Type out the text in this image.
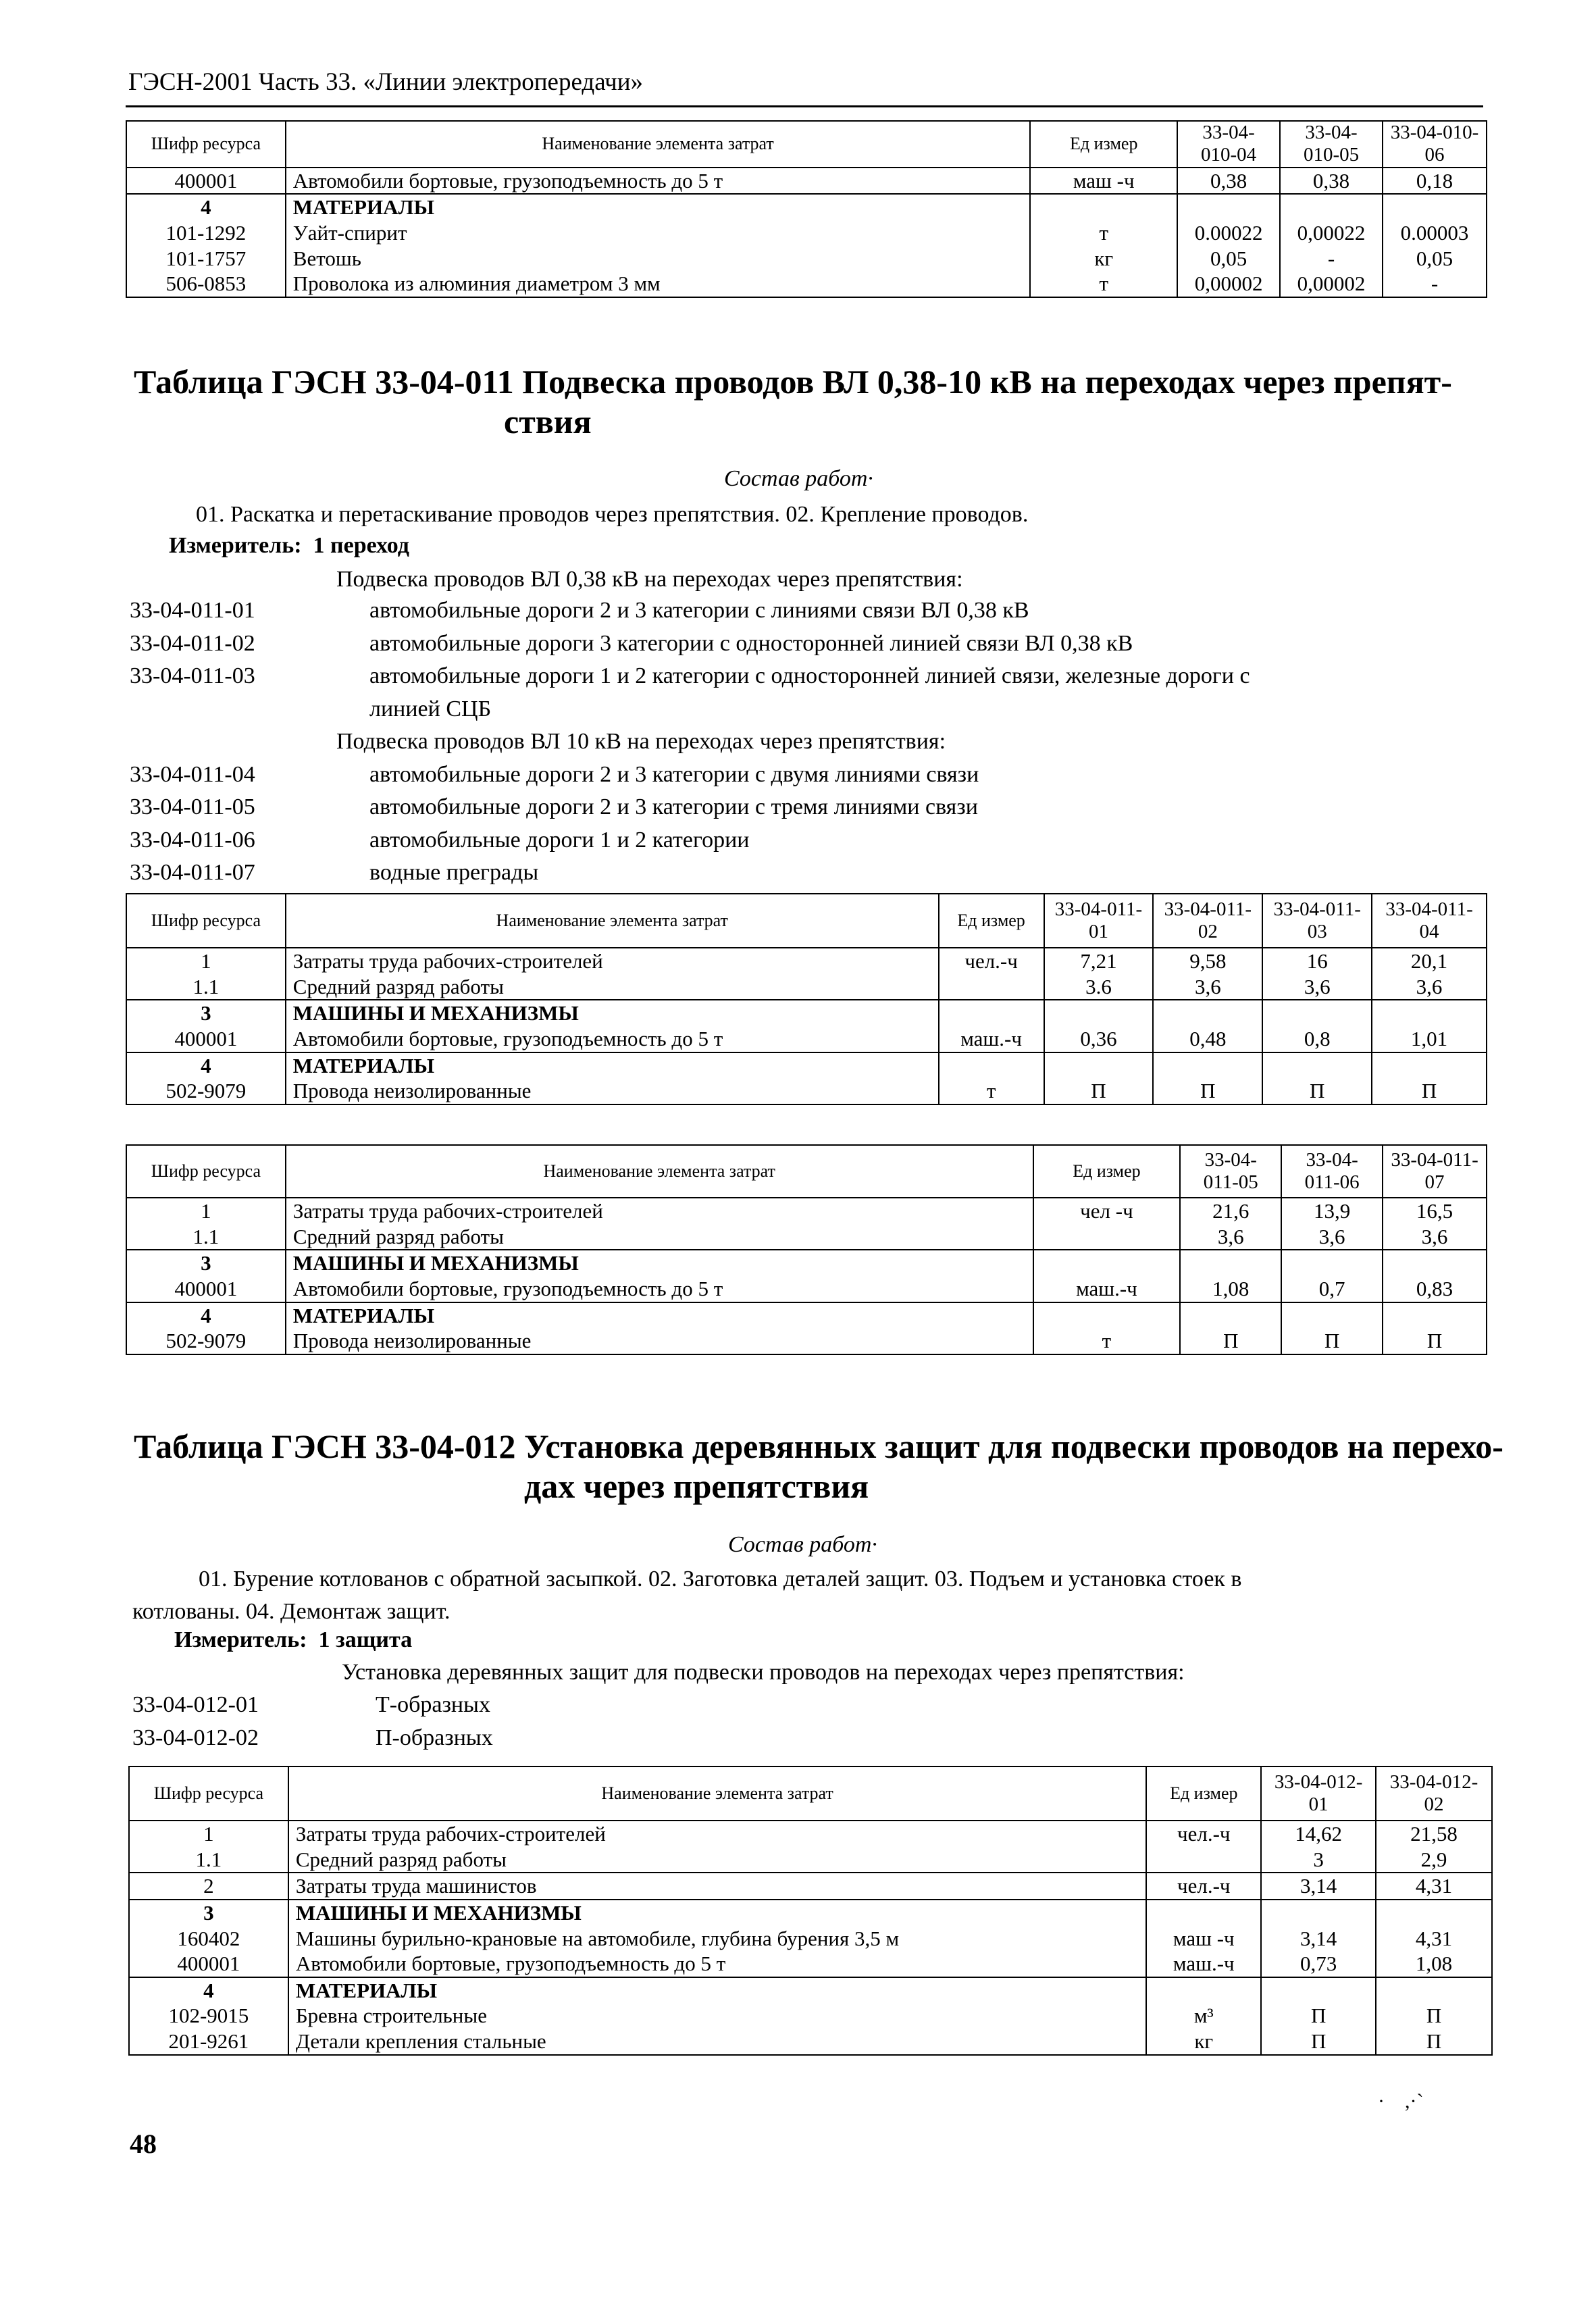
ГЭСН-2001 Часть 33. «Линии электропередачи»
Шифр ресурса	Наименование элемента затрат	Ед измер	33-04-010-04	33-04-010-05	33-04-010-06
400001	Автомобили бортовые, грузоподъемность до 5 т	маш -ч	0,38	0,38	0,18
4	МАТЕРИАЛЫ				
101-1292	Уайт-спирит	т	0.00022	0,00022	0.00003
101-1757	Ветошь	кг	0,05	-	0,05
506-0853	Проволока из алюминия диаметром 3 мм	т	0,00002	0,00002	-
Таблица ГЭСН 33-04-011 Подвеска проводов ВЛ 0,38-10 кВ на переходах через препят-
ствия
Состав работ·
01. Раскатка и перетаскивание проводов через препятствия. 02. Крепление проводов.
Измеритель: 1 переход
Подвеска проводов ВЛ 0,38 кВ на переходах через препятствия:
33-04-011-01	автомобильные дороги 2 и 3 категории с линиями связи ВЛ 0,38 кВ
33-04-011-02	автомобильные дороги 3 категории с односторонней линией связи ВЛ 0,38 кВ
33-04-011-03	автомобильные дороги 1 и 2 категории с односторонней линией связи, железные дороги с
линией СЦБ
Подвеска проводов ВЛ 10 кВ на переходах через препятствия:
33-04-011-04	автомобильные дороги 2 и 3 категории с двумя линиями связи
33-04-011-05	автомобильные дороги 2 и 3 категории с тремя линиями связи
33-04-011-06	автомобильные дороги 1 и 2 категории
33-04-011-07	водные преграды
Шифр ресурса	Наименование элемента затрат	Ед измер	33-04-011-01	33-04-011-02	33-04-011-03	33-04-011-04
1	Затраты труда рабочих-строителей	чел.-ч	7,21	9,58	16	20,1
1.1	Средний разряд работы		3.6	3,6	3,6	3,6
3	МАШИНЫ И МЕХАНИЗМЫ					
400001	Автомобили бортовые, грузоподъемность до 5 т	маш.-ч	0,36	0,48	0,8	1,01
4	МАТЕРИАЛЫ					
502-9079	Провода неизолированные	т	П	П	П	П
Шифр ресурса	Наименование элемента затрат	Ед измер	33-04-011-05	33-04-011-06	33-04-011-07
1	Затраты труда рабочих-строителей	чел -ч	21,6	13,9	16,5
1.1	Средний разряд работы		3,6	3,6	3,6
3	МАШИНЫ И МЕХАНИЗМЫ				
400001	Автомобили бортовые, грузоподъемность до 5 т	маш.-ч	1,08	0,7	0,83
4	МАТЕРИАЛЫ				
502-9079	Провода неизолированные	т	П	П	П
Таблица ГЭСН 33-04-012 Установка деревянных защит для подвески проводов на перехо-
дах через препятствия
Состав работ·
01. Бурение котлованов с обратной засыпкой. 02. Заготовка деталей защит. 03. Подъем и установка стоек в
котлованы. 04. Демонтаж защит.
Измеритель: 1 защита
Установка деревянных защит для подвески проводов на переходах через препятствия:
33-04-012-01	Т-образных
33-04-012-02	П-образных
Шифр ресурса	Наименование элемента затрат	Ед измер	33-04-012-01	33-04-012-02
1	Затраты труда рабочих-строителей	чел.-ч	14,62	21,58
1.1	Средний разряд работы		3	2,9
2	Затраты труда машинистов	чел.-ч	3,14	4,31
3	МАШИНЫ И МЕХАНИЗМЫ			
160402	Машины бурильно-крановые на автомобиле, глубина бурения 3,5 м	маш -ч	3,14	4,31
400001	Автомобили бортовые, грузоподъемность до 5 т	маш.-ч	0,73	1,08
4	МАТЕРИАЛЫ			
102-9015	Бревна строительные	м³	П	П
201-9261	Детали крепления стальные	кг	П	П
·    ,·`
48
